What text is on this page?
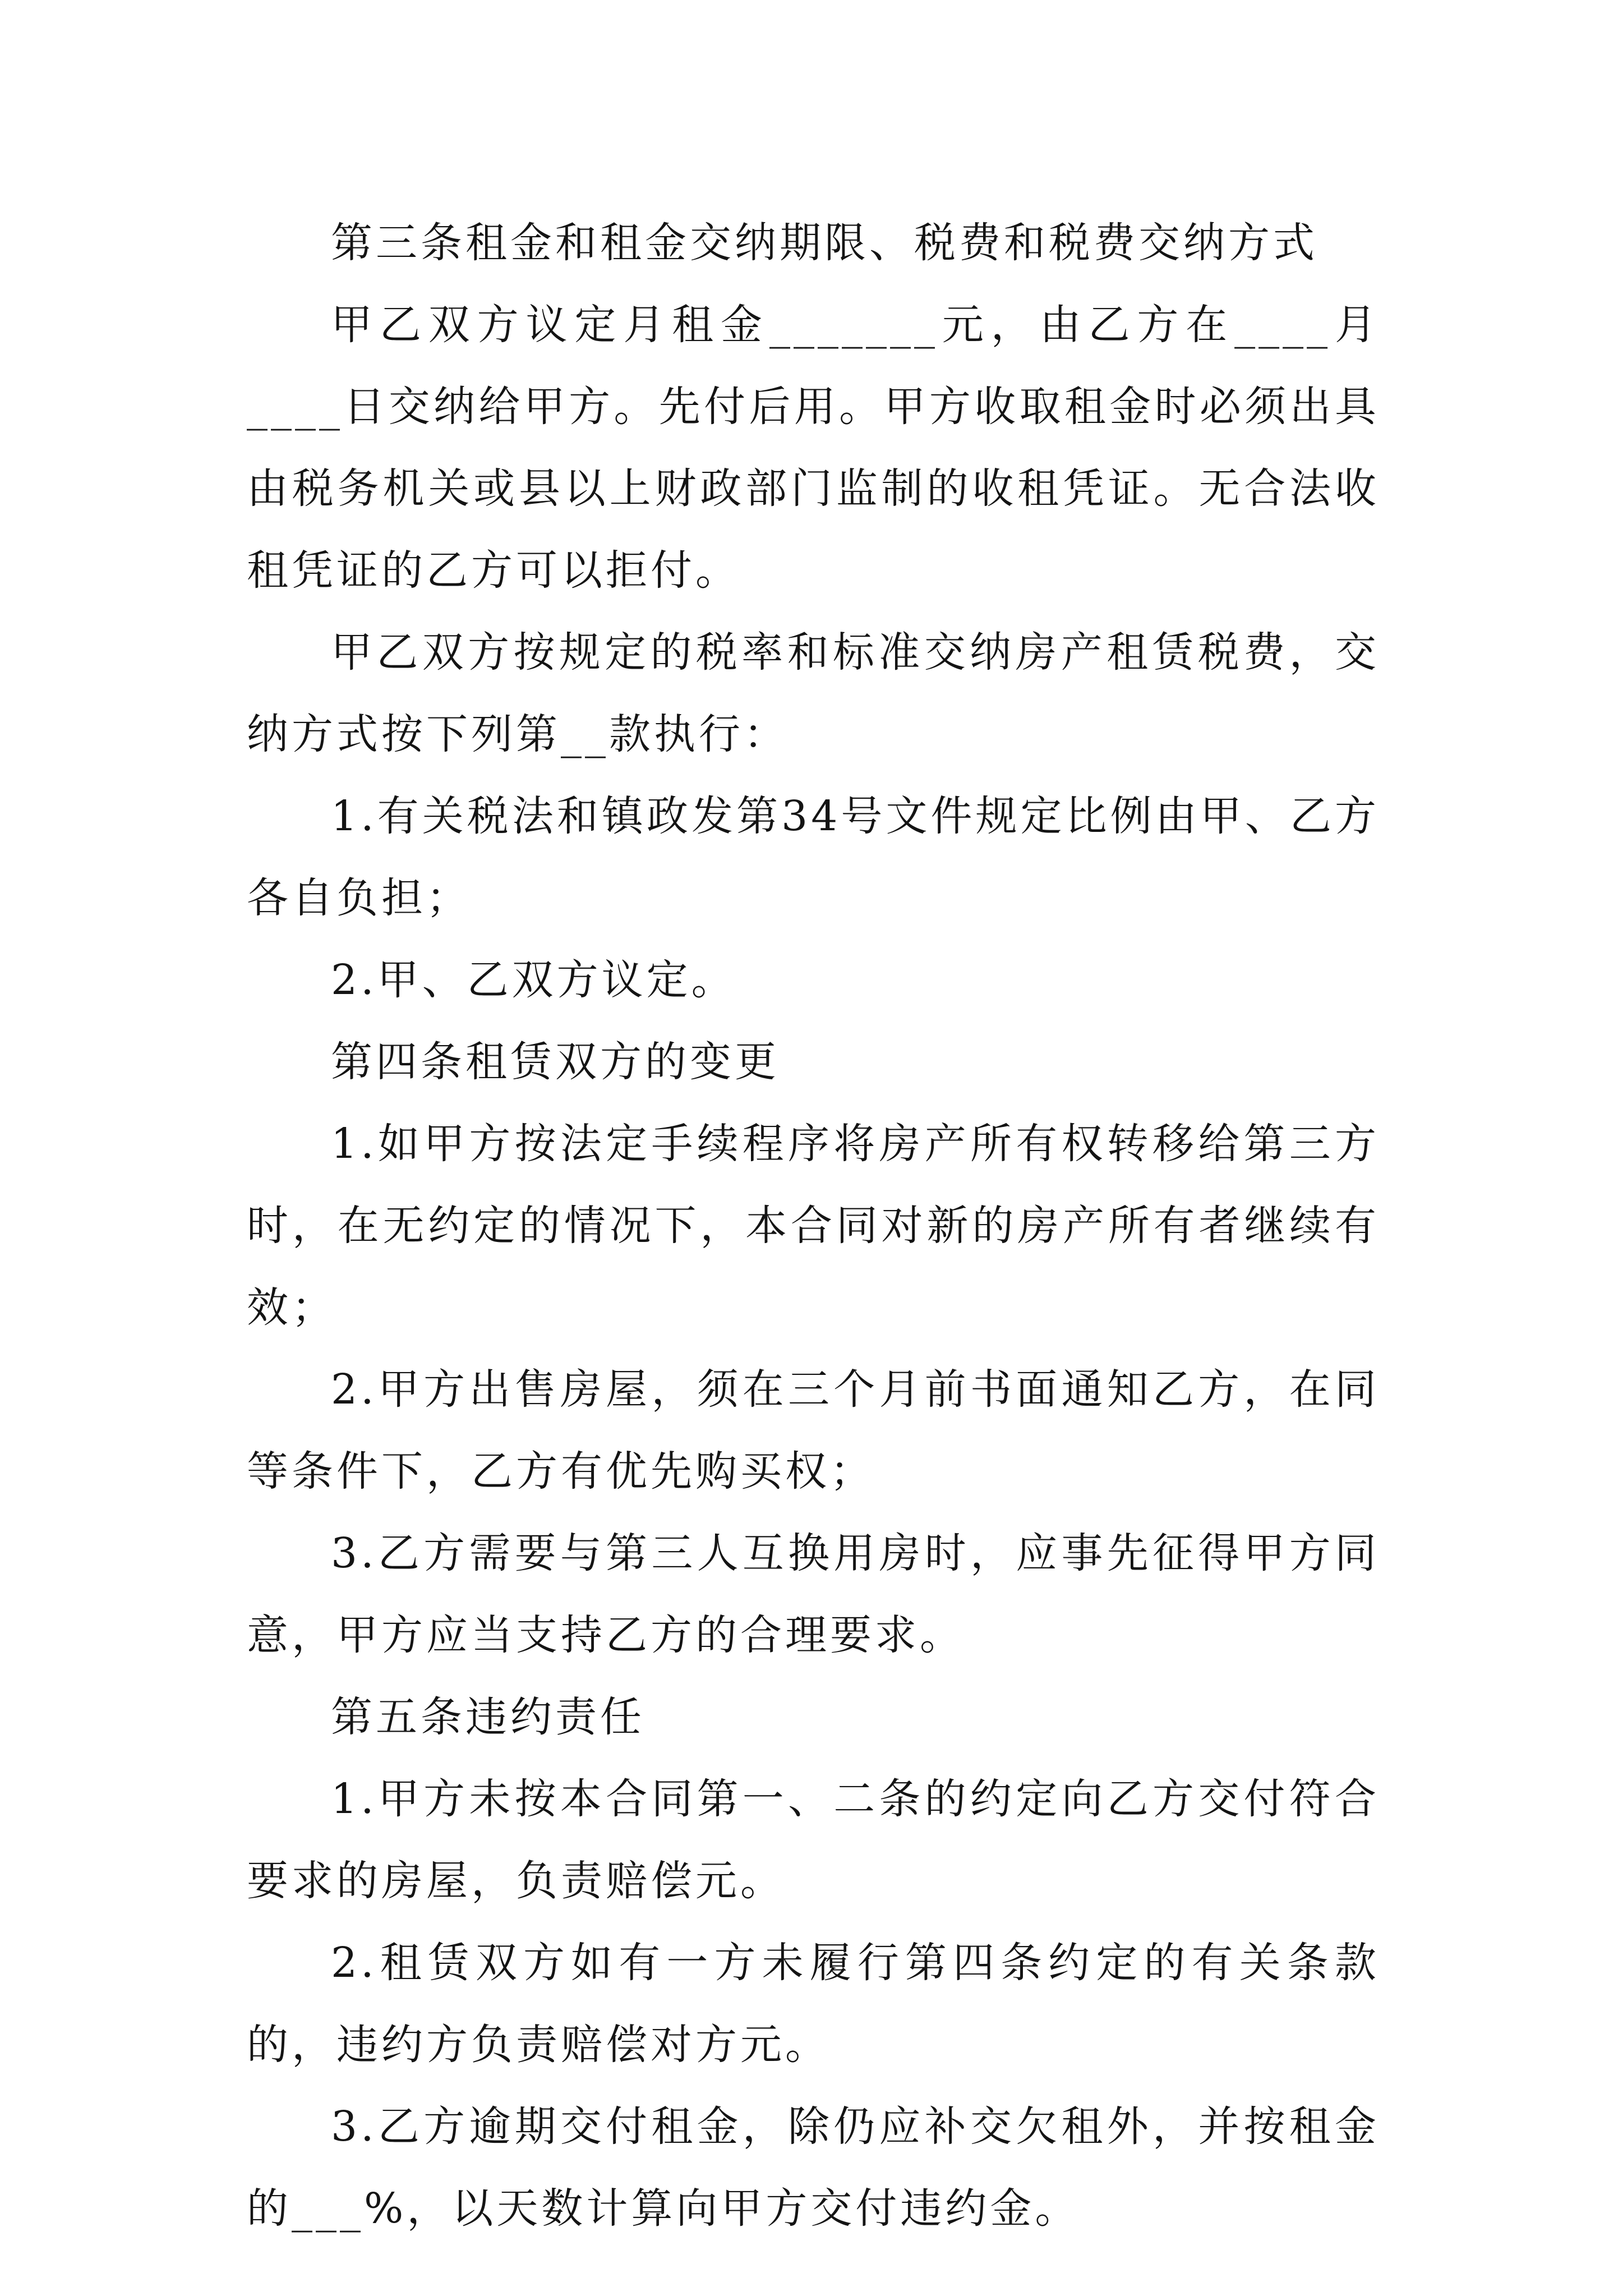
第三条租金和租金交纳期限、税费和税费交纳方式

甲乙双方议定月租金_______元，由乙方在____月____日交纳给甲方。先付后用。甲方收取租金时必须出具由税务机关或县以上财政部门监制的收租凭证。无合法收租凭证的乙方可以拒付。

甲乙双方按规定的税率和标准交纳房产租赁税费，交纳方式按下列第__款执行：

1.有关税法和镇政发第34号文件规定比例由甲、乙方各自负担；

2.甲、乙双方议定。

第四条租赁双方的变更

1.如甲方按法定手续程序将房产所有权转移给第三方时，在无约定的情况下，本合同对新的房产所有者继续有效；

2.甲方出售房屋，须在三个月前书面通知乙方，在同等条件下，乙方有优先购买权；

3.乙方需要与第三人互换用房时，应事先征得甲方同意，甲方应当支持乙方的合理要求。

第五条违约责任

1.甲方未按本合同第一、二条的约定向乙方交付符合要求的房屋，负责赔偿元。

2.租赁双方如有一方未履行第四条约定的有关条款的，违约方负责赔偿对方元。

3.乙方逾期交付租金，除仍应补交欠租外，并按租金的___%，以天数计算向甲方交付违约金。
